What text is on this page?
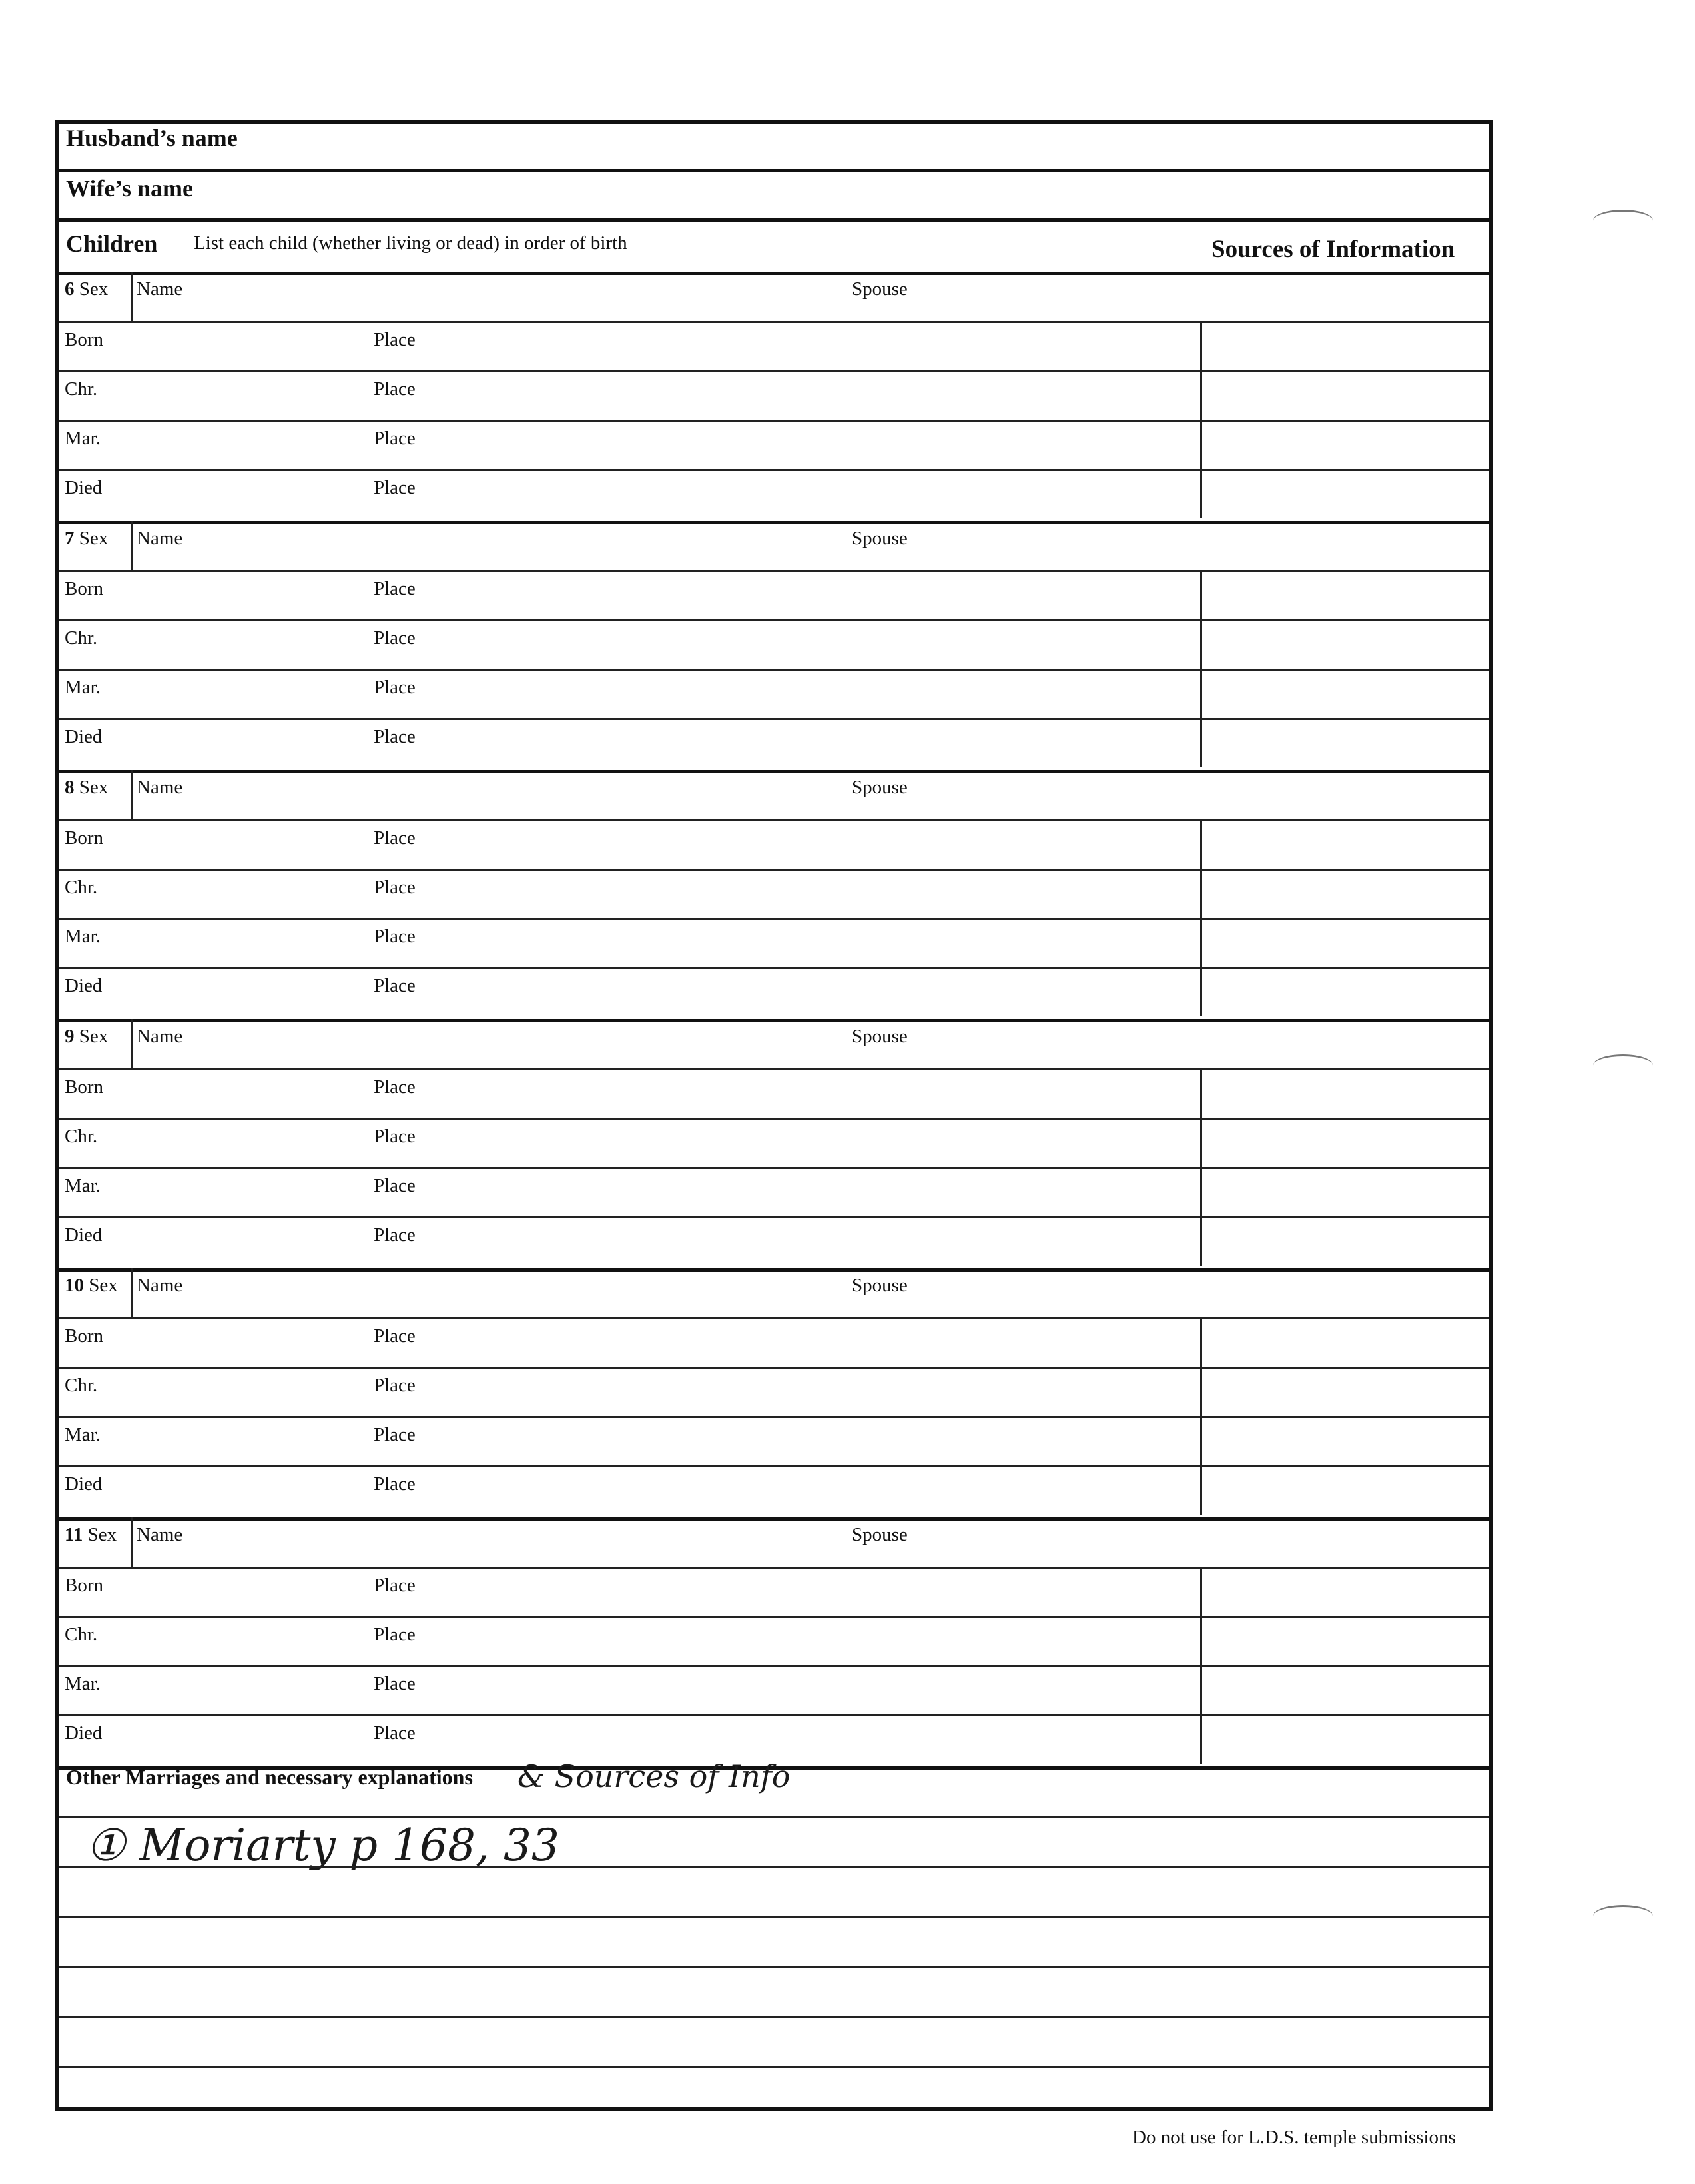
Husband’s name
Wife’s name
Children List each child (whether living or dead) in order of birth	Sources of Information
6 Sex Name	Spouse
Born	Place
Chr.	Place
Mar.	Place
Died	Place
7 Sex Name	Spouse
Born	Place
Chr.	Place
Mar.	Place
Died	Place
8 Sex Name	Spouse
Born	Place
Chr.	Place
Mar.	Place
Died	Place
9 Sex Name	Spouse
Born	Place
Chr.	Place
Mar.	Place
Died	Place
10 Sex Name	Spouse
Born	Place
Chr.	Place
Mar.	Place
Died	Place
11 Sex Name	Spouse
Born	Place
Chr.	Place
Mar.	Place
Died	Place
Other Marriages and necessary explanations & Sources of Info
① Moriarty p 168, 33
Do not use for L.D.S. temple submissions
